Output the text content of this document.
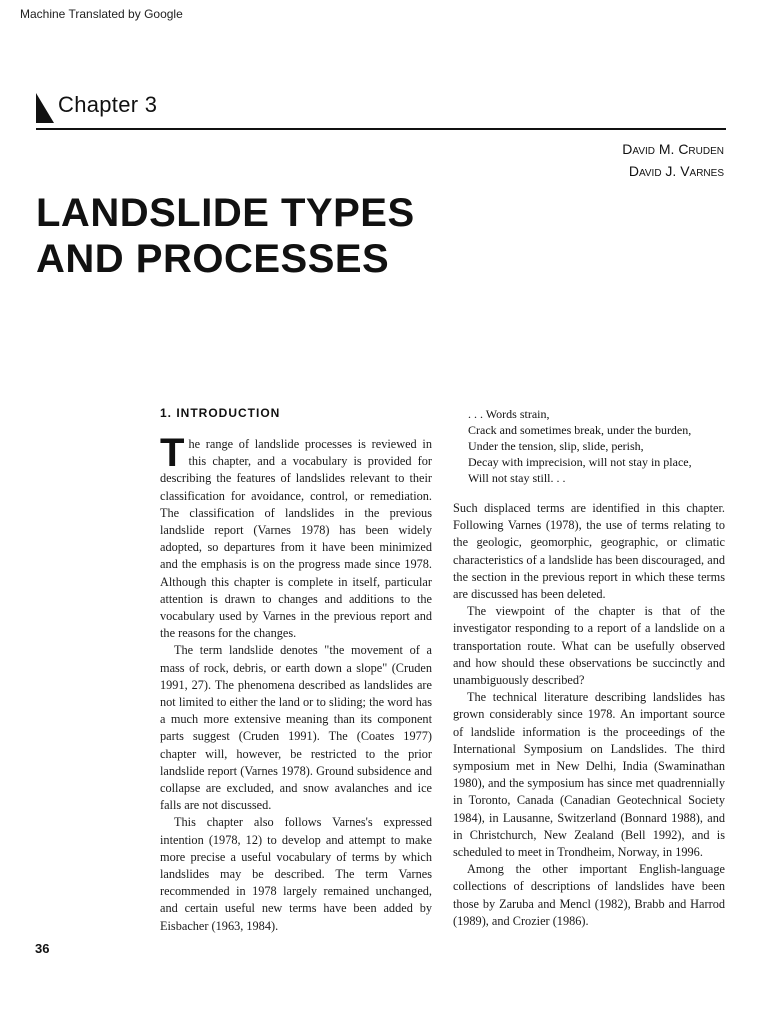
Machine Translated by Google
Chapter 3
David M. Cruden
David J. Varnes
LANDSLIDE TYPES
AND PROCESSES
1. INTRODUCTION

The range of landslide processes is reviewed in this chapter, and a vocabulary is provided for describing the features of landslides relevant to their classification for avoidance, control, or remediation. The classification of landslides in the previous landslide report (Varnes 1978) has been widely adopted, so departures from it have been minimized and the emphasis is on the progress made since 1978. Although this chapter is complete in itself, particular attention is drawn to changes and additions to the vocabulary used by Varnes in the previous report and the reasons for the changes.

The term landslide denotes "the movement of a mass of rock, debris, or earth down a slope" (Cruden 1991, 27). The phenomena described as landslides are not limited to either the land or to sliding; the word has a much more extensive meaning than its component parts suggest (Cruden 1991). The (Coates 1977) chapter will, however, be restricted to the prior landslide report (Varnes 1978). Ground subsidence and collapse are excluded, and snow avalanches and ice falls are not discussed.

This chapter also follows Varnes's expressed intention (1978, 12) to develop and attempt to make more precise a useful vocabulary of terms by which landslides may be described. The term Varnes recommended in 1978 largely remained unchanged, and certain useful new terms have been added by Eisbacher (1963, 1984).

. . . Words strain,
Crack and sometimes break, under the burden,
Under the tension, slip, slide, perish,
Decay with imprecision, will not stay in place,
Will not stay still. . .

Such displaced terms are identified in this chapter. Following Varnes (1978), the use of terms relating to the geologic, geomorphic, geographic, or climatic characteristics of a landslide has been discouraged, and the section in the previous report in which these terms are discussed has been deleted.

The viewpoint of the chapter is that of the investigator responding to a report of a landslide on a transportation route. What can be usefully observed and how should these observations be succinctly and unambiguously described?

The technical literature describing landslides has grown considerably since 1978. An important source of landslide information is the proceedings of the International Symposium on Landslides. The third symposium met in New Delhi, India (Swaminathan 1980), and the symposium has since met quadrennially in Toronto, Canada (Canadian Geotechnical Society 1984), in Lausanne, Switzerland (Bonnard 1988), and in Christchurch, New Zealand (Bell 1992), and is scheduled to meet in Trondheim, Norway, in 1996.

Among the other important English-language collections of descriptions of landslides have been those by Zaruba and Mencl (1982), Brabb and Harrod (1989), and Crozier (1986).

36
